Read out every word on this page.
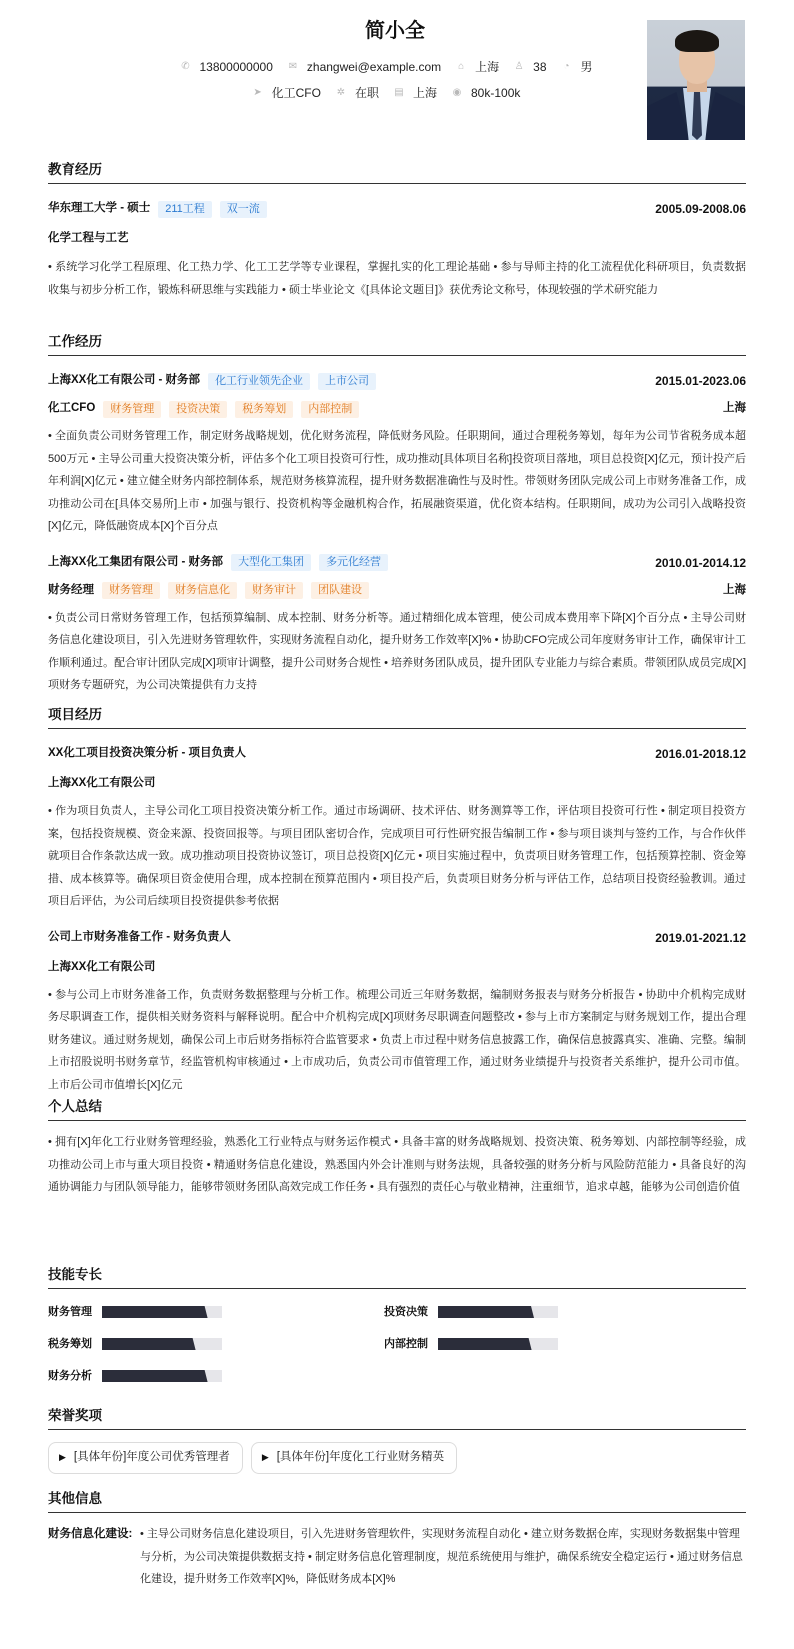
简小全
✆ 13800000000 ✉ zhangwei@example.com ⌂ 上海 ♙ 38 ◔ 男
➤ 化工CFO ✲ 在职 ▤ 上海 ◉ 80k-100k
教育经历
华东理工大学 - 硕士	211工程	双一流	2005.09-2008.06
化学工程与工艺
• 系统学习化学工程原理、化工热力学、化工工艺学等专业课程，掌握扎实的化工理论基础 • 参与导师主持的化工流程优化科研项目，负责数据收集与初步分析工作，锻炼科研思维与实践能力 • 硕士毕业论文《[具体论文题目]》获优秀论文称号，体现较强的学术研究能力
工作经历
上海XX化工有限公司 - 财务部	化工行业领先企业	上市公司	2015.01-2023.06
化工CFO	财务管理	投资决策	税务筹划	内部控制	上海
• 全面负责公司财务管理工作，制定财务战略规划，优化财务流程，降低财务风险。任职期间，通过合理税务筹划，每年为公司节省税务成本超500万元 • 主导公司重大投资决策分析，评估多个化工项目投资可行性，成功推动[具体项目名称]投资项目落地，项目总投资[X]亿元，预计投产后年利润[X]亿元 • 建立健全财务内部控制体系，规范财务核算流程，提升财务数据准确性与及时性。带领财务团队完成公司上市财务准备工作，成功推动公司在[具体交易所]上市 • 加强与银行、投资机构等金融机构合作，拓展融资渠道，优化资本结构。任职期间，成功为公司引入战略投资[X]亿元，降低融资成本[X]个百分点
上海XX化工集团有限公司 - 财务部	大型化工集团	多元化经营	2010.01-2014.12
财务经理	财务管理	财务信息化	财务审计	团队建设	上海
• 负责公司日常财务管理工作，包括预算编制、成本控制、财务分析等。通过精细化成本管理，使公司成本费用率下降[X]个百分点 • 主导公司财务信息化建设项目，引入先进财务管理软件，实现财务流程自动化，提升财务工作效率[X]% • 协助CFO完成公司年度财务审计工作，确保审计工作顺利通过。配合审计团队完成[X]项审计调整，提升公司财务合规性 • 培养财务团队成员，提升团队专业能力与综合素质。带领团队成员完成[X]项财务专题研究，为公司决策提供有力支持
项目经历
XX化工项目投资决策分析 - 项目负责人	2016.01-2018.12
上海XX化工有限公司
• 作为项目负责人，主导公司化工项目投资决策分析工作。通过市场调研、技术评估、财务测算等工作，评估项目投资可行性 • 制定项目投资方案，包括投资规模、资金来源、投资回报等。与项目团队密切合作，完成项目可行性研究报告编制工作 • 参与项目谈判与签约工作，与合作伙伴就项目合作条款达成一致。成功推动项目投资协议签订，项目总投资[X]亿元 • 项目实施过程中，负责项目财务管理工作，包括预算控制、资金筹措、成本核算等。确保项目资金使用合理，成本控制在预算范围内 • 项目投产后，负责项目财务分析与评估工作，总结项目投资经验教训。通过项目后评估，为公司后续项目投资提供参考依据
公司上市财务准备工作 - 财务负责人	2019.01-2021.12
上海XX化工有限公司
• 参与公司上市财务准备工作，负责财务数据整理与分析工作。梳理公司近三年财务数据，编制财务报表与财务分析报告 • 协助中介机构完成财务尽职调查工作，提供相关财务资料与解释说明。配合中介机构完成[X]项财务尽职调查问题整改 • 参与上市方案制定与财务规划工作，提出合理财务建议。通过财务规划，确保公司上市后财务指标符合监管要求 • 负责上市过程中财务信息披露工作，确保信息披露真实、准确、完整。编制上市招股说明书财务章节，经监管机构审核通过 • 上市成功后，负责公司市值管理工作，通过财务业绩提升与投资者关系维护，提升公司市值。上市后公司市值增长[X]亿元
个人总结
• 拥有[X]年化工行业财务管理经验，熟悉化工行业特点与财务运作模式 • 具备丰富的财务战略规划、投资决策、税务筹划、内部控制等经验，成功推动公司上市与重大项目投资 • 精通财务信息化建设，熟悉国内外会计准则与财务法规，具备较强的财务分析与风险防范能力 • 具备良好的沟通协调能力与团队领导能力，能够带领财务团队高效完成工作任务 • 具有强烈的责任心与敬业精神，注重细节，追求卓越，能够为公司创造价值
技能专长
财务管理	投资决策
税务筹划	内部控制
财务分析
荣誉奖项
▶ [具体年份]年度公司优秀管理者	▶ [具体年份]年度化工行业财务精英
其他信息
财务信息化建设: • 主导公司财务信息化建设项目，引入先进财务管理软件，实现财务流程自动化 • 建立财务数据仓库，实现财务数据集中管理与分析，为公司决策提供数据支持 • 制定财务信息化管理制度，规范系统使用与维护，确保系统安全稳定运行 • 通过财务信息化建设，提升财务工作效率[X]%，降低财务成本[X]%
